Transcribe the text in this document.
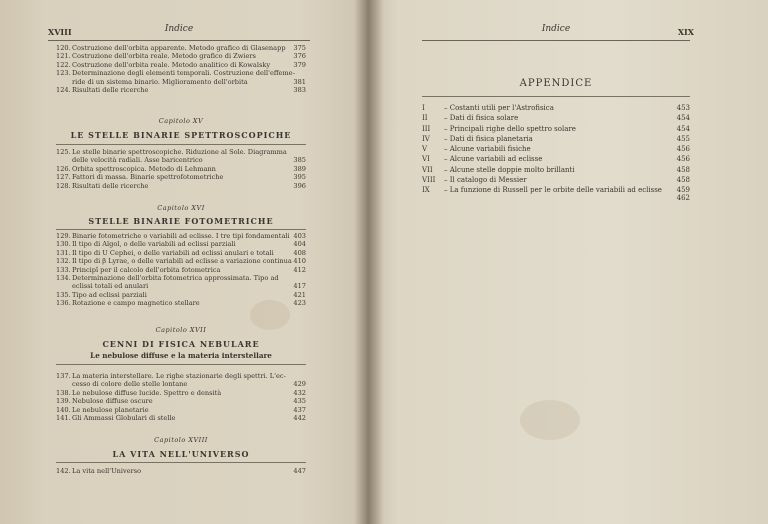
XVIII	Indice
120.Costruzione dell'orbita apparente. Metodo grafico di Glasenapp 375
121.Costruzione dell'orbita reale. Metodo grafico di Zwiers	376
122.Costruzione dell'orbita reale. Metodo analitico di Kowalsky	379
123.Determinazione degli elementi temporali. Costruzione dell'effeme-
ride di un sistema binario. Miglioramento dell'orbita	381
124.Risultati delle ricerche	383
Capitolo XV
LE STELLE BINARIE SPETTROSCOPICHE
125.Le stelle binarie spettroscopiche. Riduzione al Sole. Diagramma
delle velocità radiali. Asse baricentrico	385
126.Orbita spettroscopica. Metodo di Lehmann	389
127.Fattori di massa. Binarie spettrofotometriche	395
128.Risultati delle ricerche	396
Capitolo XVI
STELLE BINARIE FOTOMETRICHE
129.Binarie fotometriche o variabili ad eclisse. I tre tipi fondamentali 403
130.Il tipo di Algol, o delle variabili ad eclissi parziali	404
131.Il tipo di U Cephei, o delle variabili ad eclissi anulari e totali	408
132.Il tipo di β Lyrae, o delle variabili ad eclisse a variazione continua 410
133.Principî per il calcolo dell'orbita fotometrica	412
134.Determinazione dell'orbita fotometrica approssimata. Tipo ad
eclissi totali ed anulari	417
135.Tipo ad eclissi parziali	421
136.Rotazione e campo magnetico stellare	423
Capitolo XVII
CENNI DI FISICA NEBULARE
Le nebulose diffuse e la materia interstellare
137.La materia interstellare. Le righe stazionarie degli spettri. L'ec-
cesso di colore delle stelle lontane	429
138.Le nebulose diffuse lucide. Spettro e densità	432
139.Nebulose diffuse oscure	435
140.Le nebulose planetarie	437
141.Gli Ammassi Globulari di stelle	442
Capitolo XVIII
LA VITA NELL'UNIVERSO
142.La vita nell'Universo	447
Indice	XIX
APPENDICE
I	– Costanti utili per l'Astrofisica	453
II – Dati di fisica solare	454
III – Principali righe dello spettro solare	454
IV – Dati di fisica planetaria	455
V – Alcune variabili fisiche	456
VI – Alcune variabili ad eclisse	456
VII – Alcune stelle doppie molto brillanti	458
VIII – Il catalogo di Messier	458
IX – La funzione di Russell per le orbite delle variabili ad eclisse 459
462
